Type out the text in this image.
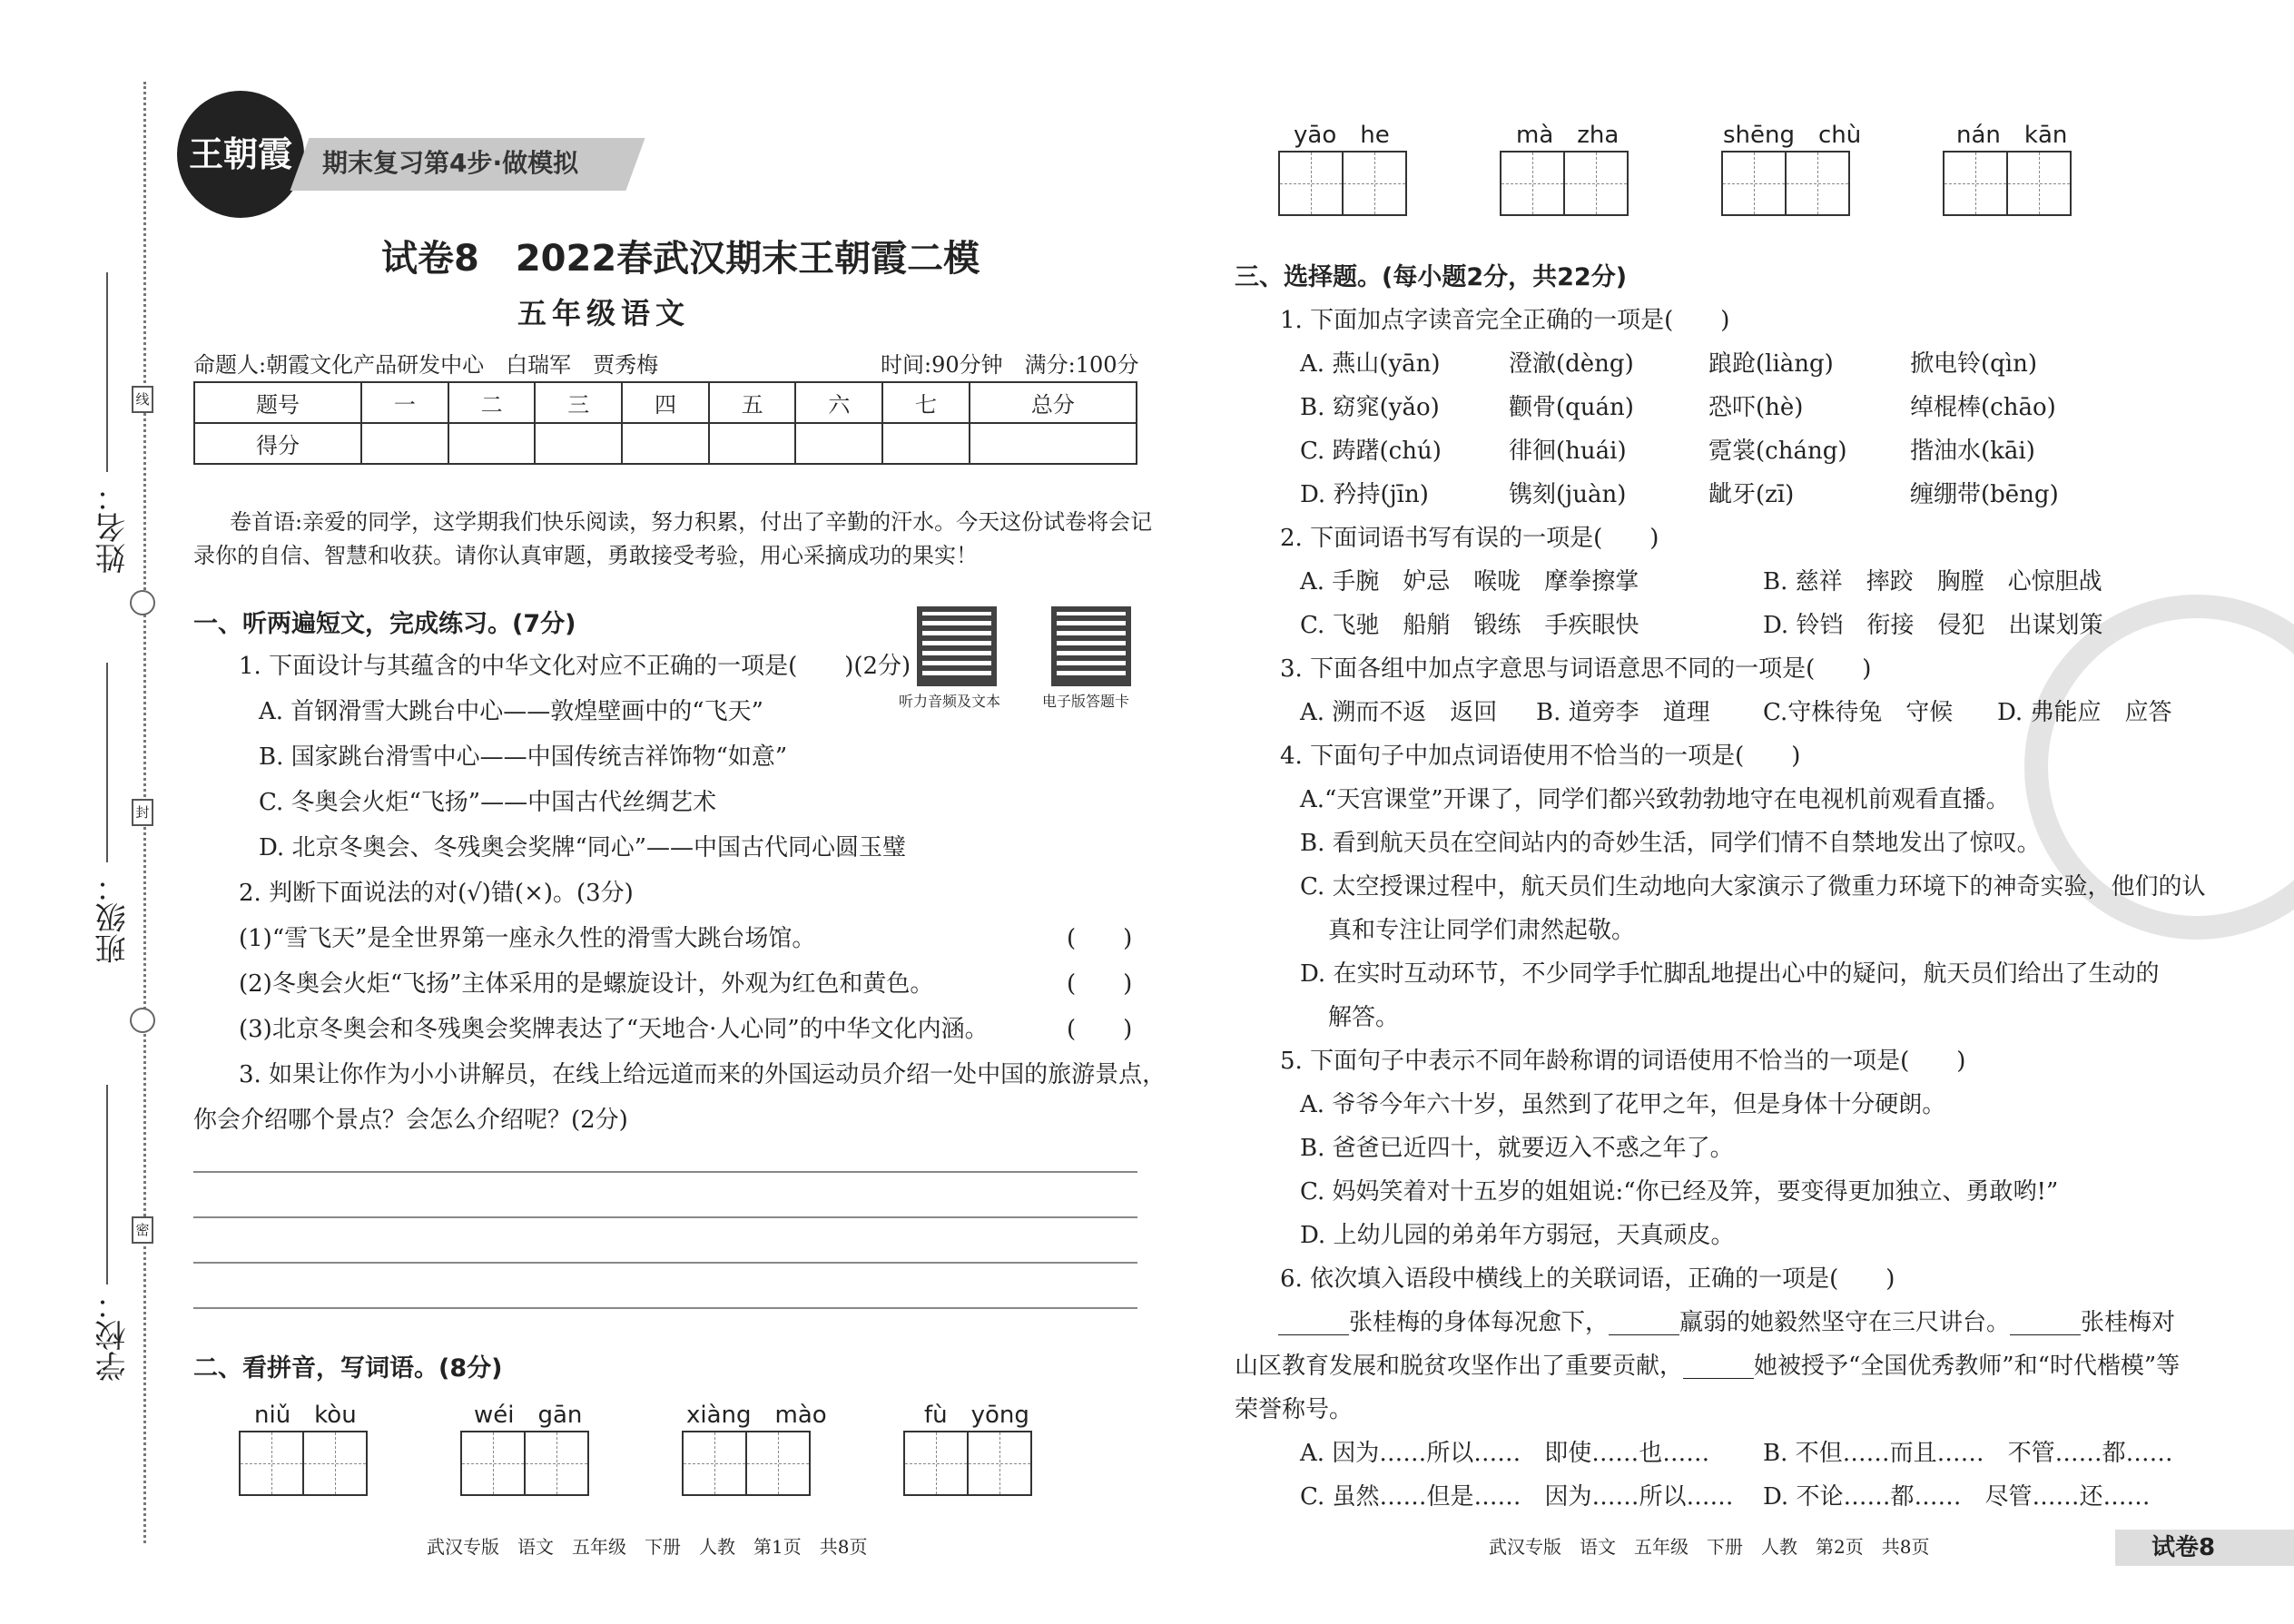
姓名：
班级：
学校：
线
封
密
王朝霞	期末复习第4步·做模拟
试卷8　2022春武汉期末王朝霞二模
五年级语文
命题人:朝霞文化产品研发中心　白瑞军　贾秀梅	时间:90分钟　满分:100分
题号	一	二	三	四	五	六	七	总分
得分								
卷首语:亲爱的同学，这学期我们快乐阅读，努力积累，付出了辛勤的汗水。今天这份试卷将会记
录你的自信、智慧和收获。请你认真审题，勇敢接受考验，用心采摘成功的果实！
一、听两遍短文，完成练习。(7分)
听力音频及文本	电子版答题卡
1. 下面设计与其蕴含的中华文化对应不正确的一项是(　　)(2分)
A. 首钢滑雪大跳台中心——敦煌壁画中的“飞天”
B. 国家跳台滑雪中心——中国传统吉祥饰物“如意”
C. 冬奥会火炬“飞扬”——中国古代丝绸艺术
D. 北京冬奥会、冬残奥会奖牌“同心”——中国古代同心圆玉璧
2. 判断下面说法的对(√)错(×)。(3分)
(1)“雪飞天”是全世界第一座永久性的滑雪大跳台场馆。	(　　)
(2)冬奥会火炬“飞扬”主体采用的是螺旋设计，外观为红色和黄色。	(　　)
(3)北京冬奥会和冬残奥会奖牌表达了“天地合·人心同”的中华文化内涵。	(　　)
3. 如果让你作为小小讲解员，在线上给远道而来的外国运动员介绍一处中国的旅游景点，
你会介绍哪个景点？会怎么介绍呢？(2分)
二、看拼音，写词语。(8分)
niǔ　kòu	wéi　gān	xiàng　mào	fù　yōng
武汉专版　语文　五年级　下册　人教　第1页　共8页
yāo　he	mà　zha	shēng　chù	nán　kān
三、选择题。(每小题2分，共22分)
1. 下面加点字读音完全正确的一项是(　　)
A. 燕山(yān)	澄澈(dèng)	踉跄(liàng)	掀电铃(qìn)
B. 窈窕(yǎo)	颧骨(quán)	恐吓(hè)	绰棍棒(chāo)
C. 踌躇(chú)	徘徊(huái)	霓裳(cháng)	揩油水(kāi)
D. 矜持(jīn)	镌刻(juàn)	龇牙(zī)	缠绷带(bēng)
2. 下面词语书写有误的一项是(　　)
A. 手腕　妒忌　喉咙　摩拳擦掌	B. 慈祥　摔跤　胸膛　心惊胆战
C. 飞驰　船艄　锻练　手疾眼快	D. 铃铛　衔接　侵犯　出谋划策
3. 下面各组中加点字意思与词语意思不同的一项是(　　)
A. 溯而不返　返回 B. 道旁李　道理 C.守株待兔　守候 D. 弗能应　应答
4. 下面句子中加点词语使用不恰当的一项是(　　)
A.“天宫课堂”开课了，同学们都兴致勃勃地守在电视机前观看直播。
B. 看到航天员在空间站内的奇妙生活，同学们情不自禁地发出了惊叹。
C. 太空授课过程中，航天员们生动地向大家演示了微重力环境下的神奇实验，他们的认
真和专注让同学们肃然起敬。
D. 在实时互动环节，不少同学手忙脚乱地提出心中的疑问，航天员们给出了生动的
解答。
5. 下面句子中表示不同年龄称谓的词语使用不恰当的一项是(　　)
A. 爷爷今年六十岁，虽然到了花甲之年，但是身体十分硬朗。
B. 爸爸已近四十，就要迈入不惑之年了。
C. 妈妈笑着对十五岁的姐姐说:“你已经及笄，要变得更加独立、勇敢哟!”
D. 上幼儿园的弟弟年方弱冠，天真顽皮。
6. 依次填入语段中横线上的关联词语，正确的一项是(　　)
______张桂梅的身体每况愈下，______羸弱的她毅然坚守在三尺讲台。______张桂梅对
山区教育发展和脱贫攻坚作出了重要贡献，______她被授予“全国优秀教师”和“时代楷模”等
荣誉称号。
A. 因为……所以……　即使……也…… B. 不但……而且……　不管……都……
C. 虽然……但是……　因为……所以…… D. 不论……都……　尽管……还……
武汉专版　语文　五年级　下册　人教　第2页　共8页	试卷8
